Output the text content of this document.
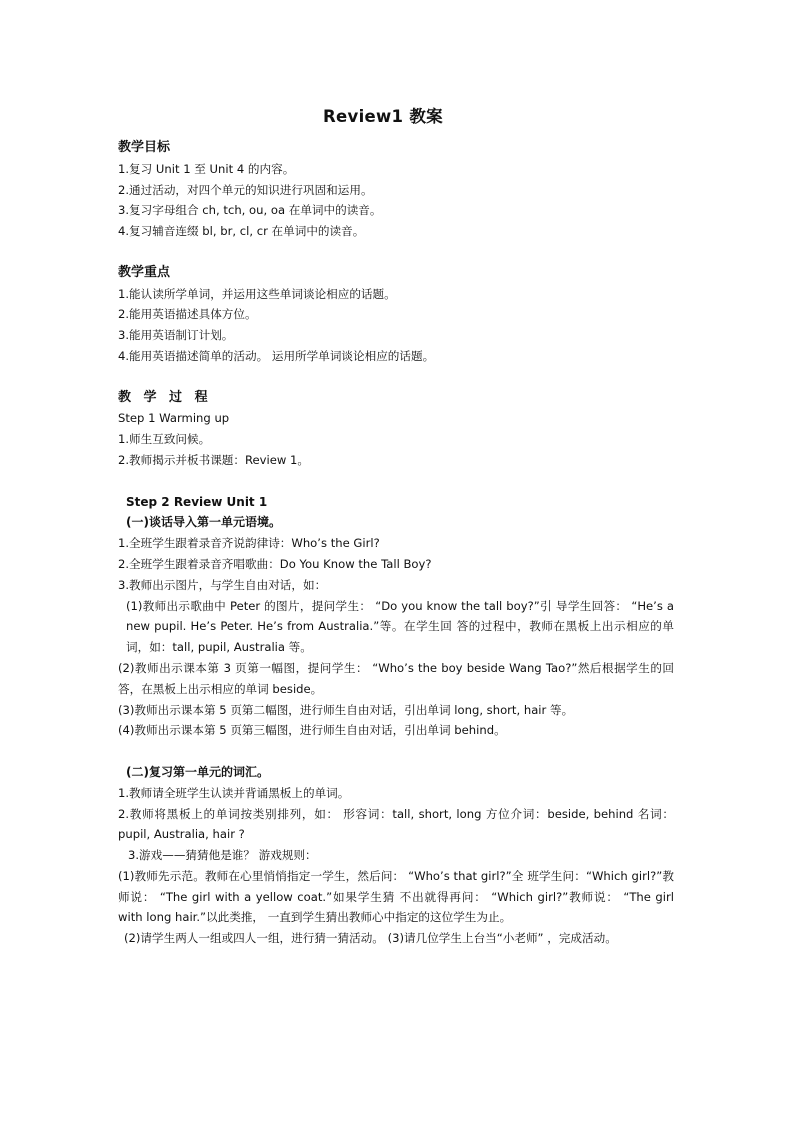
Review1 教案
教学目标
1.复习 Unit 1 至 Unit 4 的内容。
2.通过活动，对四个单元的知识进行巩固和运用。
3.复习字母组合 ch, tch, ou, oa 在单词中的读音。
4.复习辅音连缀 bl, br, cl, cr 在单词中的读音。
教学重点
1.能认读所学单词，并运用这些单词谈论相应的话题。
2.能用英语描述具体方位。
3.能用英语制订计划。
4.能用英语描述简单的活动。 运用所学单词谈论相应的话题。
教 学 过 程
Step 1 Warming up
1.师生互致问候。
2.教师揭示并板书课题：Review 1。
Step 2 Review Unit 1
(一)谈话导入第一单元语境。
1.全班学生跟着录音齐说韵律诗：Who’s the Girl?
2.全班学生跟着录音齐唱歌曲：Do You Know the Tall Boy?
3.教师出示图片，与学生自由对话，如：
(1)教师出示歌曲中 Peter 的图片，提问学生： “Do you know the tall boy?”引 导学生回答： “He’s a new pupil. He’s Peter. He’s from Australia.”等。在学生回 答的过程中，教师在黑板上出示相应的单词，如：tall, pupil, Australia 等。
(2)教师出示课本第 3 页第一幅图，提问学生： “Who’s the boy beside Wang Tao?”然后根据学生的回答，在黑板上出示相应的单词 beside。
(3)教师出示课本第 5 页第二幅图，进行师生自由对话，引出单词 long, short, hair 等。
(4)教师出示课本第 5 页第三幅图，进行师生自由对话，引出单词 behind。
(二)复习第一单元的词汇。
1.教师请全班学生认读并背诵黑板上的单词。
2.教师将黑板上的单词按类别排列，如： 形容词：tall, short, long 方位介词：beside, behind 名词：pupil, Australia, hair ?
3.游戏——猜猜他是谁？ 游戏规则：
(1)教师先示范。教师在心里悄悄指定一学生，然后问： “Who’s that girl?”全 班学生问：“Which girl?”教师说： “The girl with a yellow coat.”如果学生猜 不出就得再问： “Which girl?”教师说： “The girl with long hair.”以此类推， 一直到学生猜出教师心中指定的这位学生为止。
(2)请学生两人一组或四人一组，进行猜一猜活动。 (3)请几位学生上台当“小老师” ，完成活动。
